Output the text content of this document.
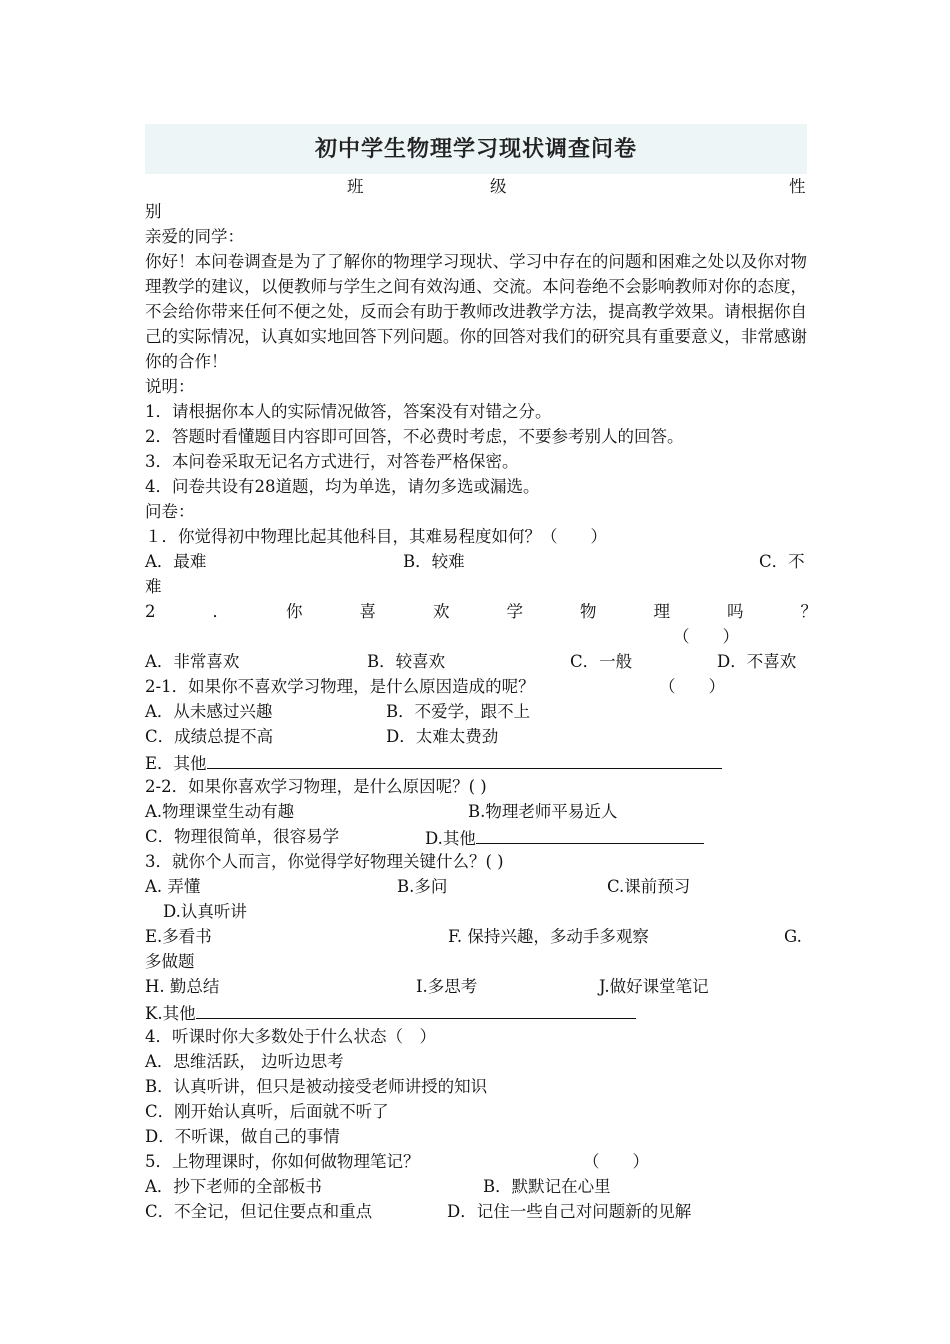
初中学生物理学习现状调查问卷
班	级	性
别
亲爱的同学：
你好！本问卷调查是为了了解你的物理学习现状、学习中存在的问题和困难之处以及你对物理教学的建议，以便教师与学生之间有效沟通、交流。本问卷绝不会影响教师对你的态度，不会给你带来任何不便之处，反而会有助于教师改进教学方法，提高教学效果。请根据你自己的实际情况，认真如实地回答下列问题。你的回答对我们的研究具有重要意义，非常感谢你的合作！
说明：
1．请根据你本人的实际情况做答，答案没有对错之分。
2．答题时看懂题目内容即可回答，不必费时考虑，不要参考别人的回答。
3．本问卷采取无记名方式进行，对答卷严格保密。
4．问卷共设有28道题，均为单选，请勿多选或漏选。
问卷：
１．你觉得初中物理比起其他科目，其难易程度如何？（　　）
A．最难	B．较难	C．不
难
2	．	你	喜	欢	学	物	理	吗	？
（　　）
A．非常喜欢	B．较喜欢	C．一般	D．不喜欢
2-1．如果你不喜欢学习物理，是什么原因造成的呢？	（　　）
A．从未感过兴趣	B．不爱学，跟不上
C．成绩总提不高	D．太难太费劲
E．其他
2-2．如果你喜欢学习物理，是什么原因呢？( )
A.物理课堂生动有趣	B.物理老师平易近人
C．物理很简单，很容易学	D.其他
3．就你个人而言，你觉得学好物理关键什么？( )
A. 弄懂	B.多问	C.课前预习
D.认真听讲
E.多看书	F. 保持兴趣，多动手多观察	G.
多做题
H. 勤总结	I.多思考	J.做好课堂笔记
K.其他
4．听课时你大多数处于什么状态（　）
A．思维活跃， 边听边思考
B．认真听讲，但只是被动接受老师讲授的知识
C．刚开始认真听，后面就不听了
D．不听课，做自己的事情
5．上物理课时，你如何做物理笔记？	（　　）
A．抄下老师的全部板书	B．默默记在心里
C．不全记，但记住要点和重点	D．记住一些自己对问题新的见解
